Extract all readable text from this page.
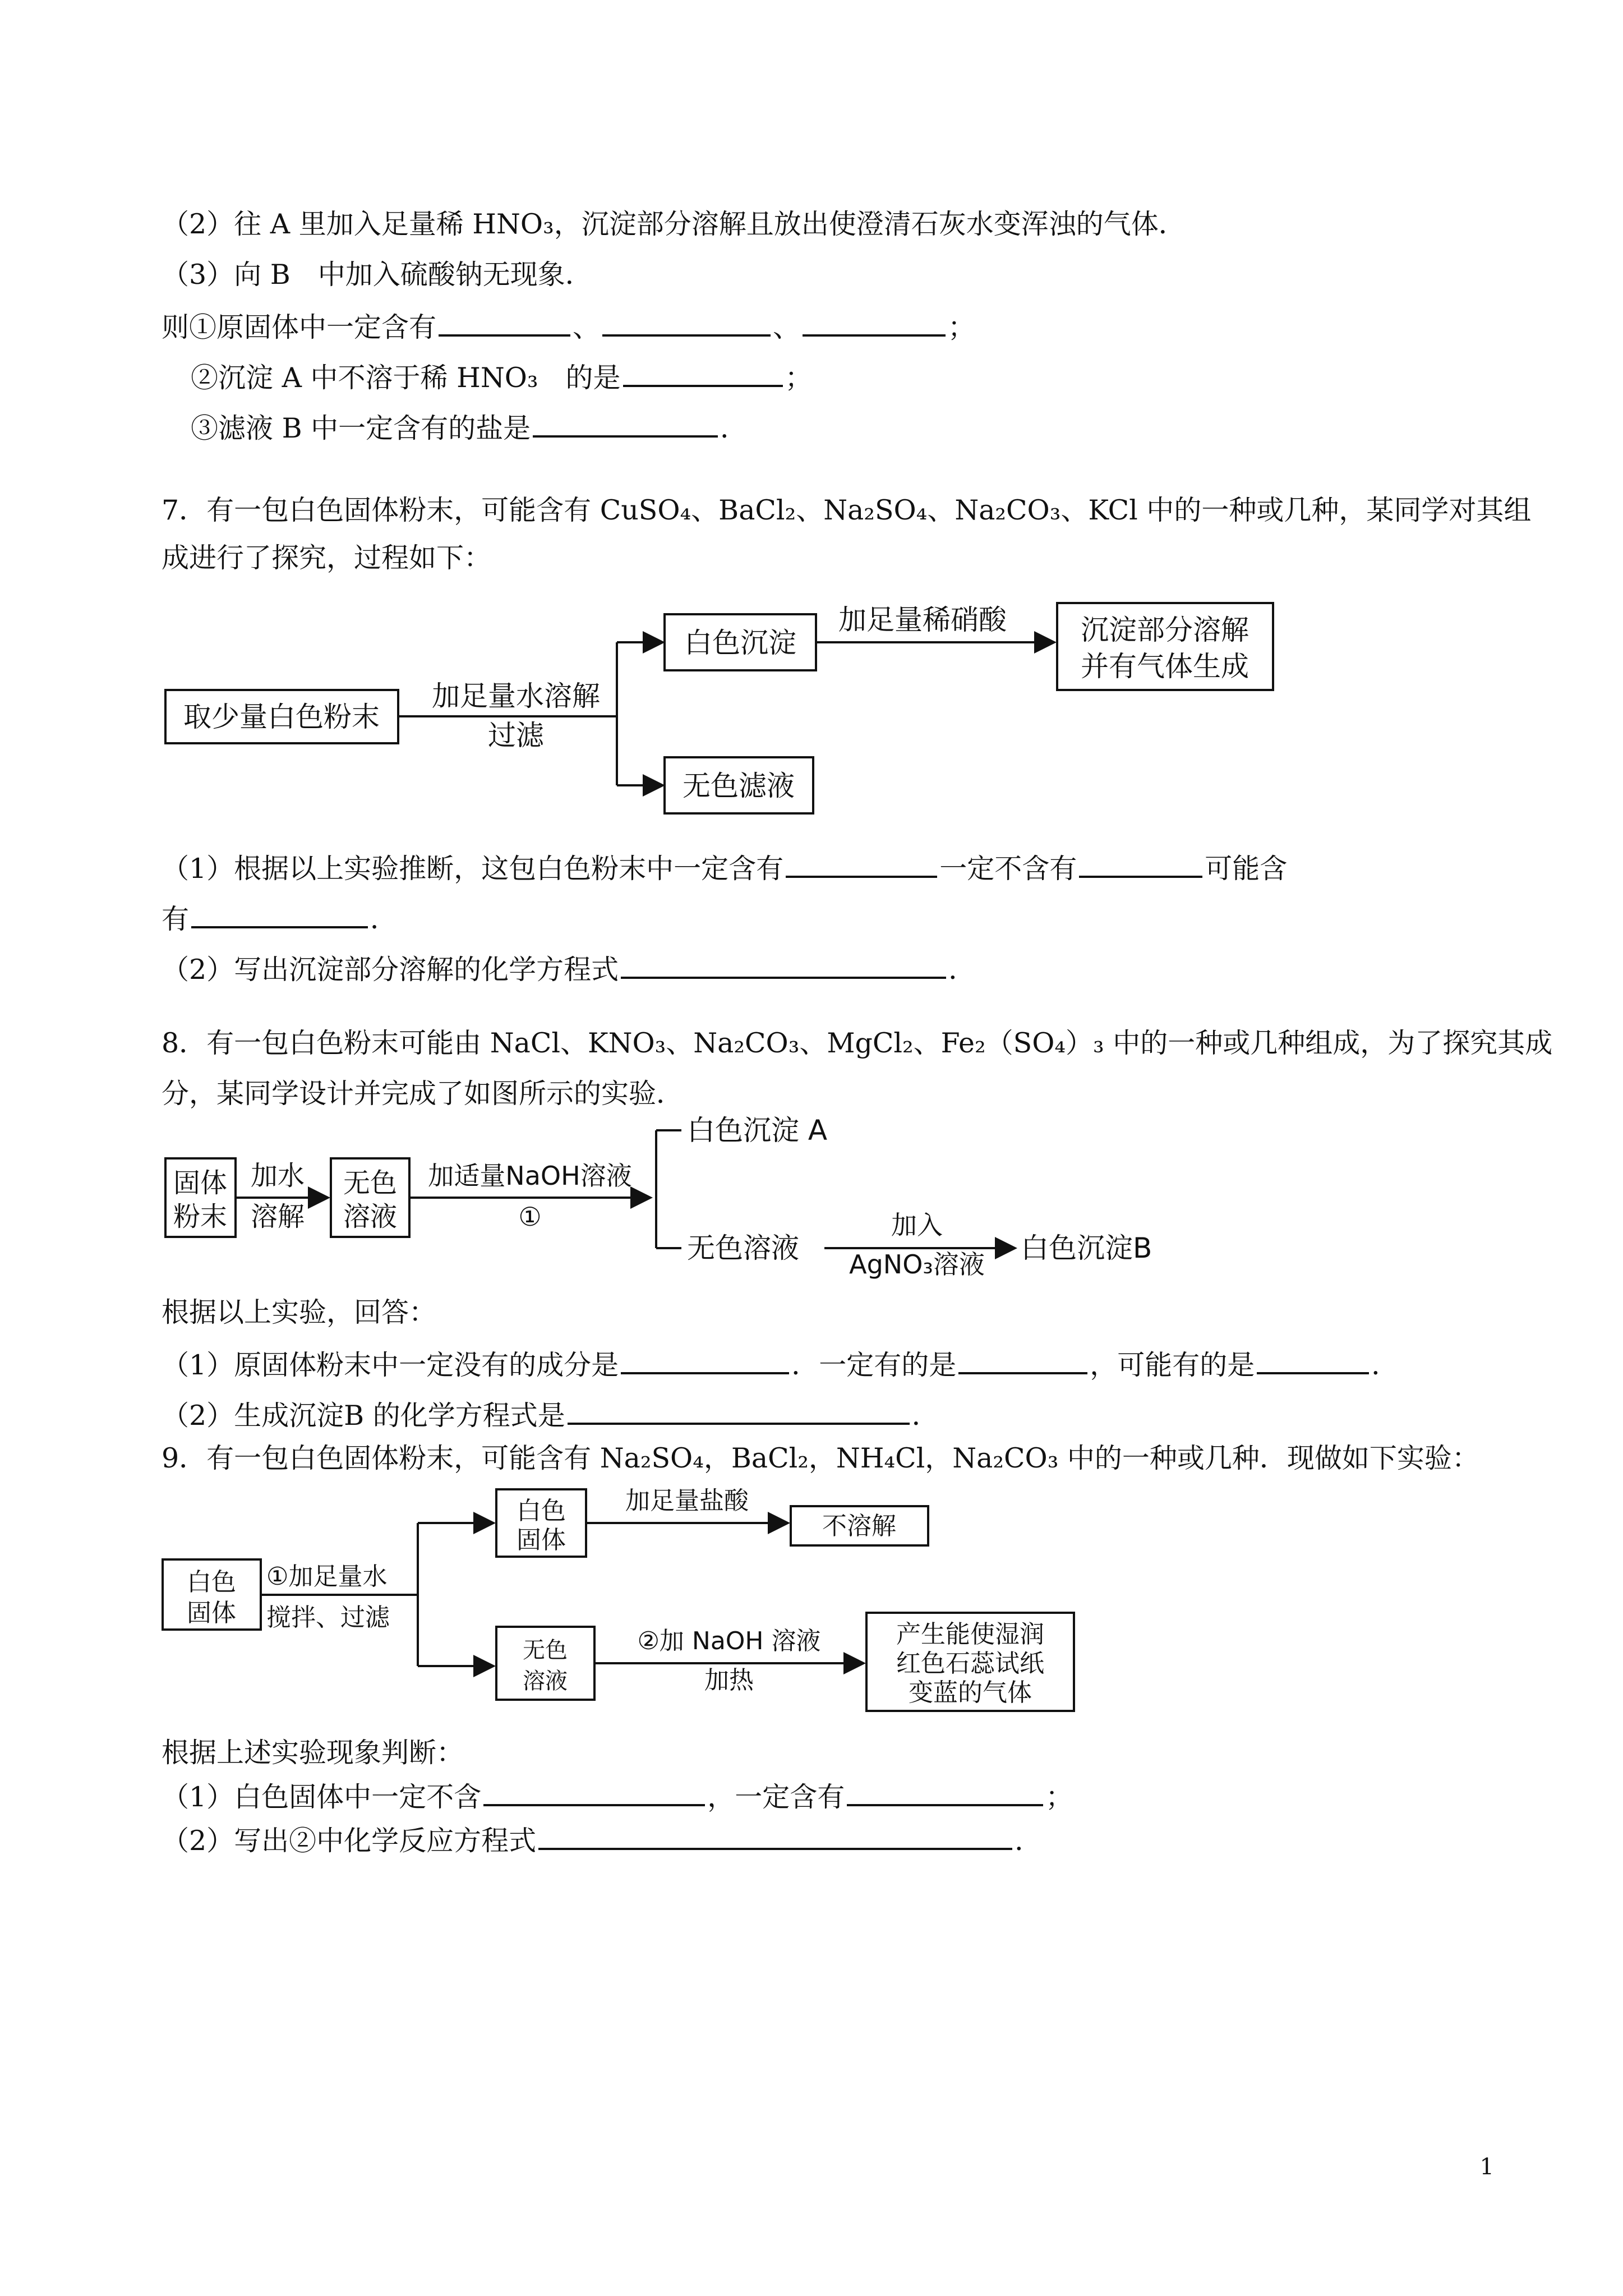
（2）往 A 里加入足量稀 HNO₃，沉淀部分溶解且放出使澄清石灰水变浑浊的气体．
（3）向 B　中加入硫酸钠无现象．
则①原固体中一定含有	、	、	；
②沉淀 A 中不溶于稀 HNO₃　的是	；
③滤液 B 中一定含有的盐是	．
7．有一包白色固体粉末，可能含有 CuSO₄、BaCl₂、Na₂SO₄、Na₂CO₃、KCl 中的一种或几种，某同学对其组
成进行了探究，过程如下：
取少量白色粉末
加足量水溶解
过滤
白色沉淀
加足量稀硝酸	沉淀部分溶解
并有气体生成
无色滤液
（1）根据以上实验推断，这包白色粉末中一定含有	一定不含有	可能含
有	．
（2）写出沉淀部分溶解的化学方程式	．
8．有一包白色粉末可能由 NaCl、KNO₃、Na₂CO₃、MgCl₂、Fe₂（SO₄）₃ 中的一种或几种组成，为了探究其成
分，某同学设计并完成了如图所示的实验．
固体
粉末
加水
溶解
无色
溶液
加适量NaOH溶液
①
白色沉淀 A
无色溶液
加入
AgNO₃溶液 白色沉淀B
根据以上实验，回答：
（1）原固体粉末中一定没有的成分是	．一定有的是	，可能有的是	．
（2）生成沉淀B 的化学方程式是	．
9．有一包白色固体粉末，可能含有 Na₂SO₄，BaCl₂，NH₄Cl，Na₂CO₃ 中的一种或几种．现做如下实验：
白色
固体
①加足量水
搅拌、过滤
白色
固体
加足量盐酸
不溶解
无色
溶液
②加 NaOH 溶液
加热
产生能使湿润
红色石蕊试纸
变蓝的气体
根据上述实验现象判断：
（1）白色固体中一定不含	，一定含有	；
（2）写出②中化学反应方程式	．
1
